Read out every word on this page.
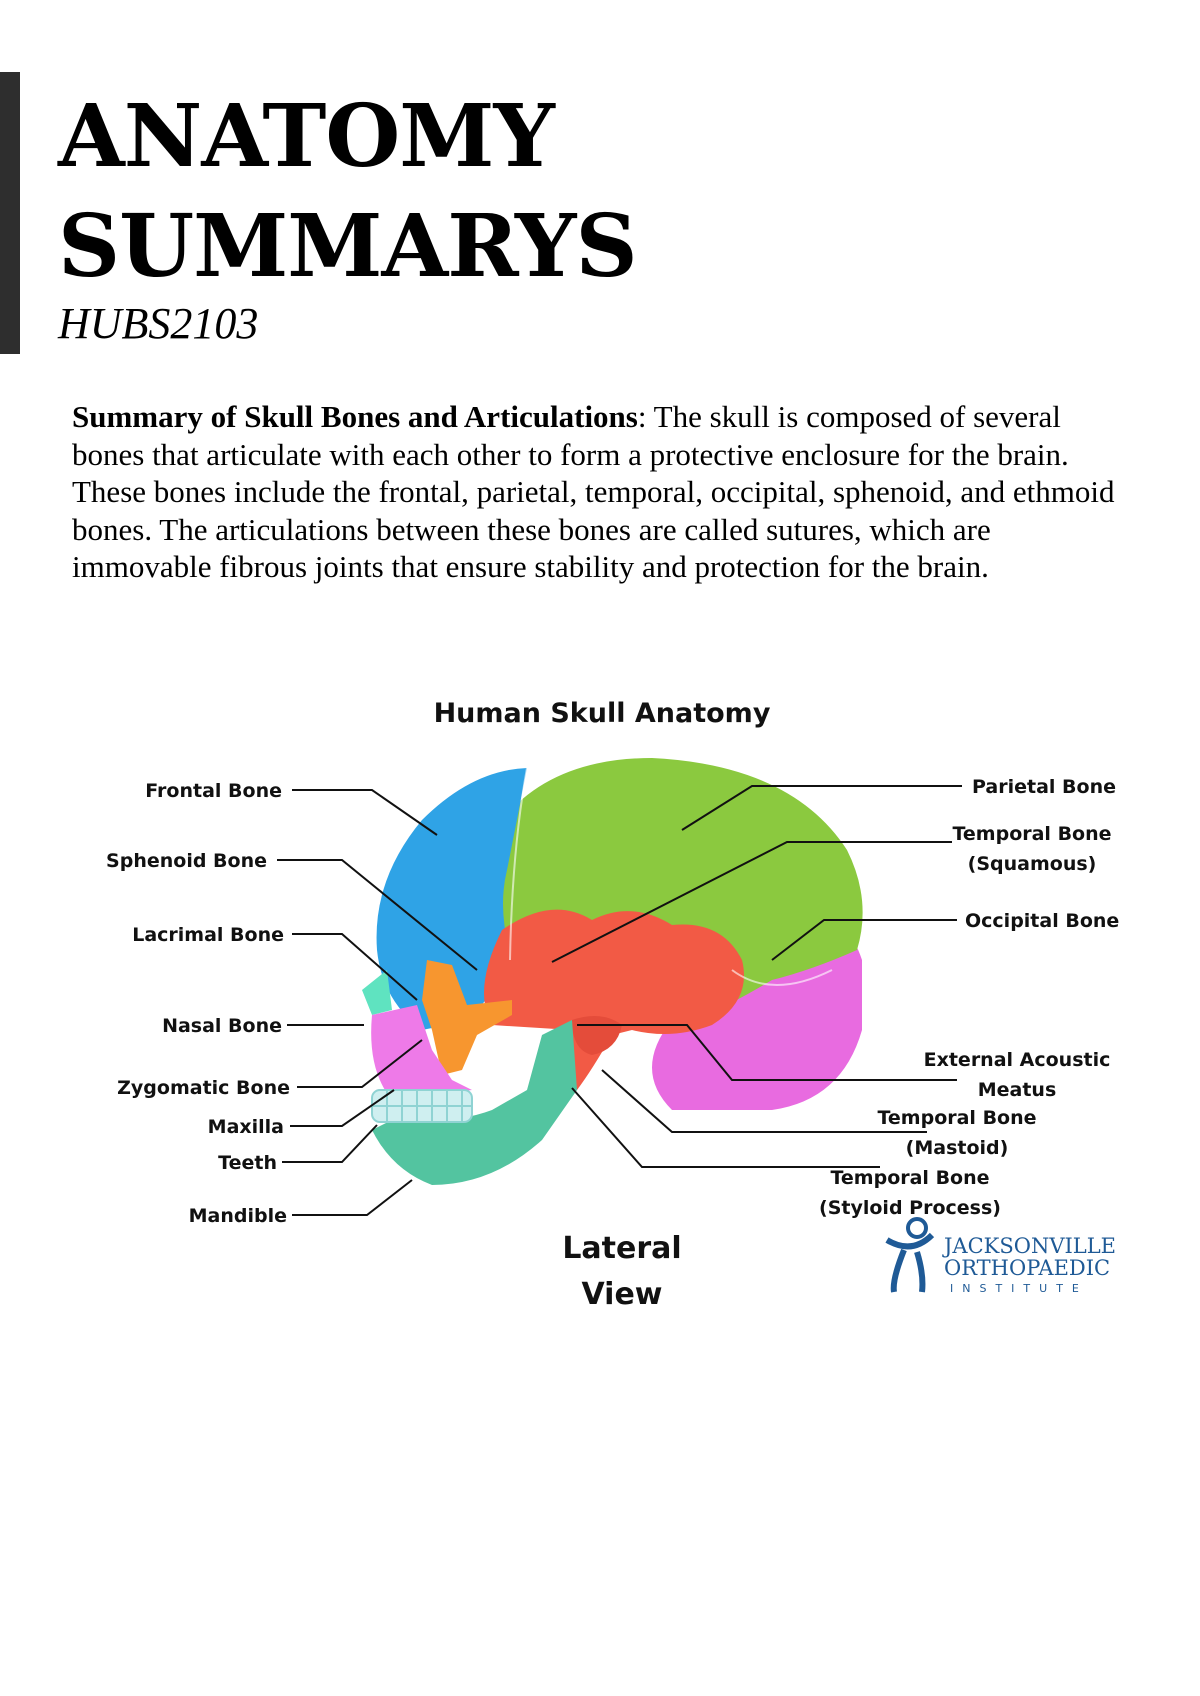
ANATOMY
SUMMARYS

HUBS2103

Summary of Skull Bones and Articulations: The skull is composed of several bones that articulate with each other to form a protective enclosure for the brain. These bones include the frontal, parietal, temporal, occipital, sphenoid, and ethmoid bones. The articulations between these bones are called sutures, which are immovable fibrous joints that ensure stability and protection for the brain.

Human Skull Anatomy
Frontal Bone
Sphenoid Bone
Lacrimal Bone
Nasal Bone
Zygomatic Bone
Maxilla
Teeth
Mandible
Parietal Bone
Temporal Bone
(Squamous)
Occipital Bone
External Acoustic
Meatus
Temporal Bone
(Mastoid)
Temporal Bone
(Styloid Process)
Lateral
View
JACKSONVILLE
ORTHOPAEDIC
INSTITUTE
